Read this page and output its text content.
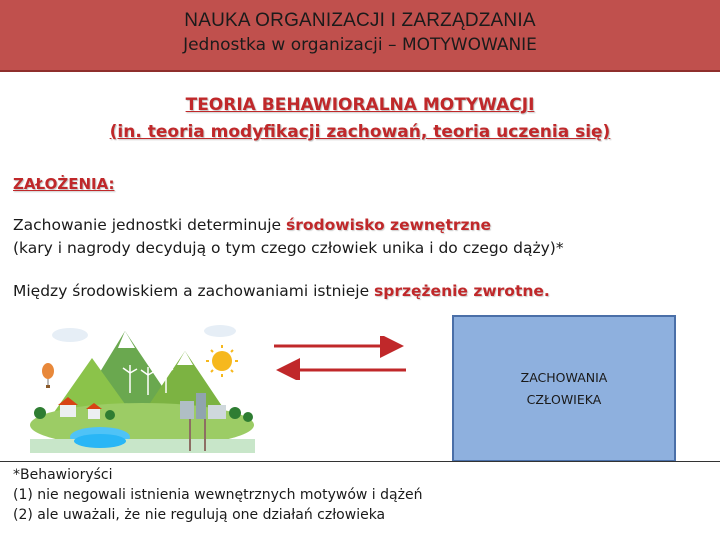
NAUKA ORGANIZACJI I ZARZĄDZANIA
Jednostka w organizacji – MOTYWOWANIE
TEORIA BEHAWIORALNA MOTYWACJI
(in. teoria modyfikacji zachowań, teoria uczenia się)
ZAŁOŻENIA:
Zachowanie jednostki determinuje środowisko zewnętrzne
(kary i nagrody decydują o tym czego człowiek unika i do czego dąży)*
Między środowiskiem a zachowaniami istnieje sprzężenie zwrotne.
ZACHOWANIA
CZŁOWIEKA
*Behawioryści
(1) nie negowali istnienia wewnętrznych motywów i dążeń
(2) ale uważali, że nie regulują one działań człowieka
